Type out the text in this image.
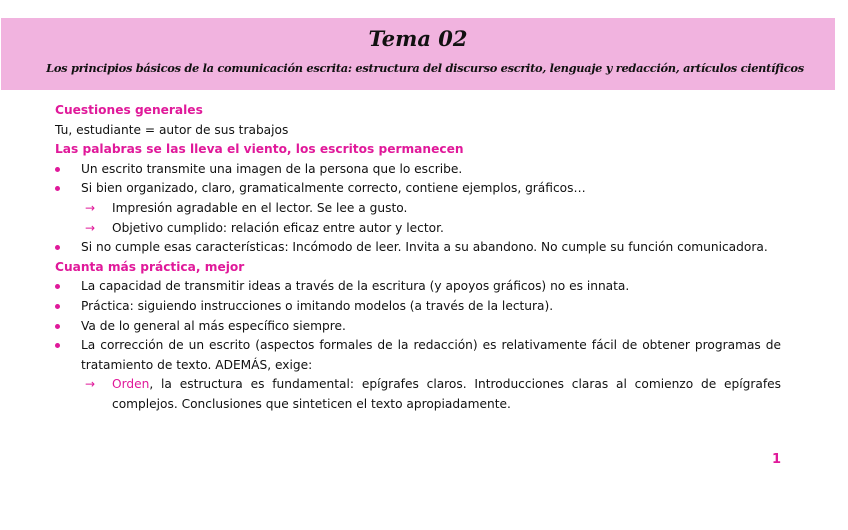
Tema 02
Los principios básicos de la comunicación escrita: estructura del discurso escrito, lenguaje y redacción, artículos científicos

Cuestiones generales

Tu, estudiante = autor de sus trabajos

Las palabras se las lleva el viento, los escritos permanecen

Un escrito transmite una imagen de la persona que lo escribe.

Si bien organizado, claro, gramaticalmente correcto, contiene ejemplos, gráficos…

→ Impresión agradable en el lector. Se lee a gusto.

→ Objetivo cumplido: relación eficaz entre autor y lector.

Si no cumple esas características: Incómodo de leer. Invita a su abandono. No cumple su función comunicadora.

Cuanta más práctica, mejor

La capacidad de transmitir ideas a través de la escritura (y apoyos gráficos) no es innata.

Práctica: siguiendo instrucciones o imitando modelos (a través de la lectura).

Va de lo general al más específico siempre.

La corrección de un escrito (aspectos formales de la redacción) es relativamente fácil de obtener programas de tratamiento de texto. ADEMÁS, exige:

→ Orden, la estructura es fundamental: epígrafes claros. Introducciones claras al comienzo de epígrafes complejos. Conclusiones que sinteticen el texto apropiadamente.

1
